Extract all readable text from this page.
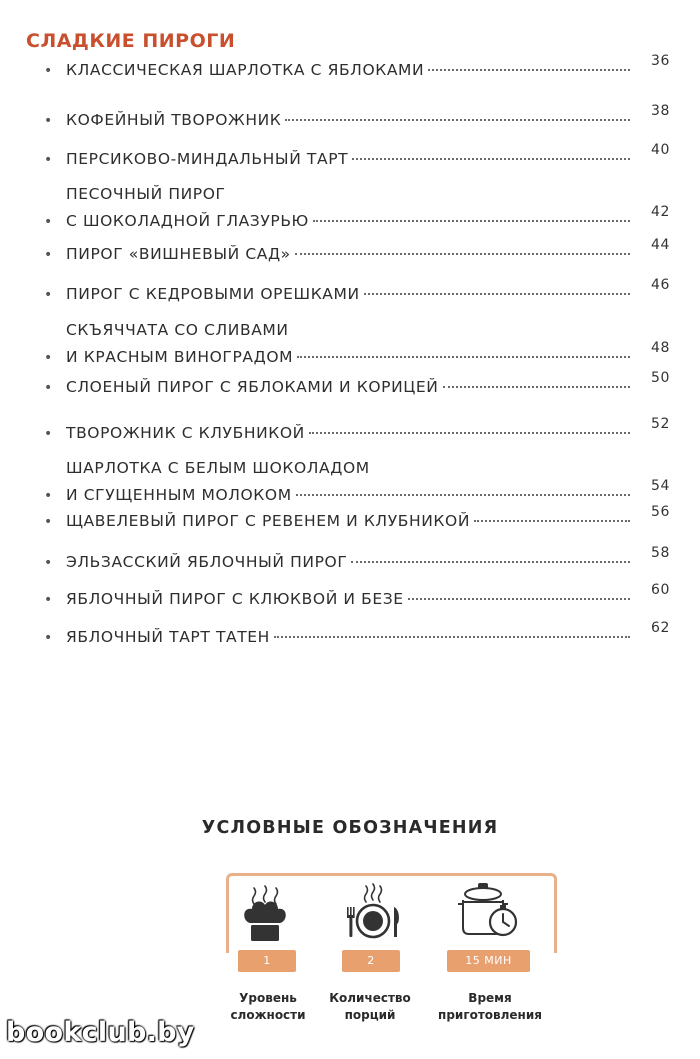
СЛАДКИЕ ПИРОГИ
• КЛАССИЧЕСКАЯ ШАРЛОТКА С ЯБЛОКАМИ	36
• КОФЕЙНЫЙ ТВОРОЖНИК	38
• ПЕРСИКОВО-МИНДАЛЬНЫЙ ТАРТ	40
•
ПЕСОЧНЫЙ ПИРОГ
С ШОКОЛАДНОЙ ГЛАЗУРЬЮ	42
• ПИРОГ «ВИШНЕВЫЙ САД»	44
• ПИРОГ С КЕДРОВЫМИ ОРЕШКАМИ	46
•
СКЪЯЧЧАТА СО СЛИВАМИ
И КРАСНЫМ ВИНОГРАДОМ	48
• СЛОЕНЫЙ ПИРОГ С ЯБЛОКАМИ И КОРИЦЕЙ	50
• ТВОРОЖНИК С КЛУБНИКОЙ	52
•
ШАРЛОТКА С БЕЛЫМ ШОКОЛАДОМ
И СГУЩЕННЫМ МОЛОКОМ	54
• ЩАВЕЛЕВЫЙ ПИРОГ С РЕВЕНЕМ И КЛУБНИКОЙ	56
• ЭЛЬЗАССКИЙ ЯБЛОЧНЫЙ ПИРОГ	58
• ЯБЛОЧНЫЙ ПИРОГ С КЛЮКВОЙ И БЕЗЕ	60
• ЯБЛОЧНЫЙ ТАРТ ТАТЕН	62
УСЛОВНЫЕ ОБОЗНАЧЕНИЯ
1	2	15 МИН
Уровень
сложности
Количество
порций
Время
приготовления
bookclub.by
